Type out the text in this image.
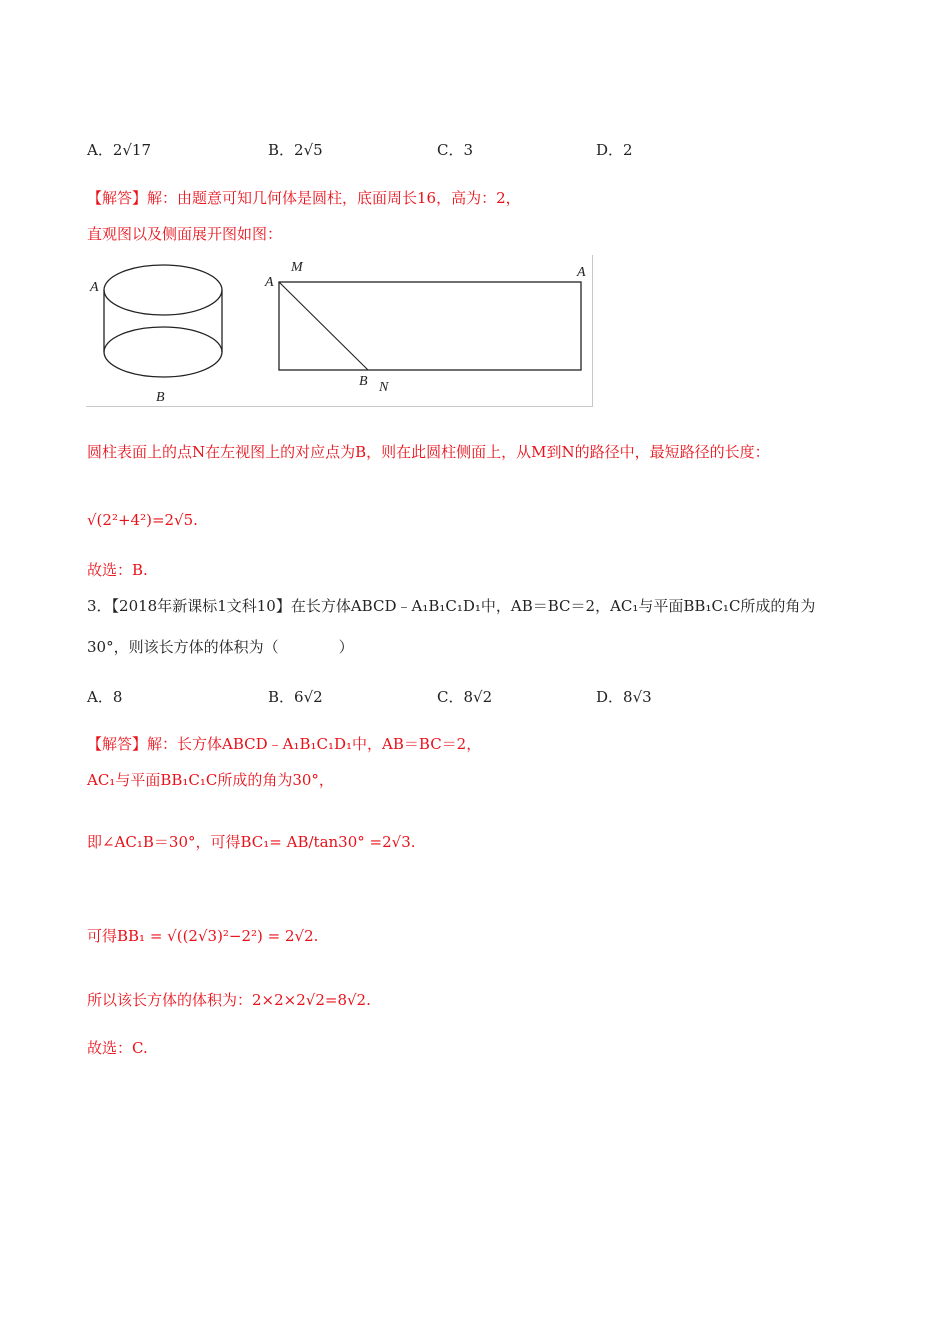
A．2√17	B．2√5	C．3	D．2
【解答】解：由题意可知几何体是圆柱，底面周长16，高为：2，
直观图以及侧面展开图如图：
A
B
A
M	A
B N
圆柱表面上的点N在左视图上的对应点为B，则在此圆柱侧面上，从M到N的路径中，最短路径的长度：
√(2²+4²)=2√5.
故选：B.
3．【2018年新课标1文科10】在长方体ABCD﹣A₁B₁C₁D₁中，AB＝BC＝2，AC₁与平面BB₁C₁C所成的角为
30°，则该长方体的体积为（　　　　）
A．8	B．6√2	C．8√2	D．8√3
【解答】解：长方体ABCD﹣A₁B₁C₁D₁中，AB＝BC＝2，
AC₁与平面BB₁C₁C所成的角为30°，
即∠AC₁B＝30°，可得BC₁= AB/tan30° =2√3.
可得BB₁ = √((2√3)²−2²) = 2√2.
所以该长方体的体积为：2×2×2√2=8√2.
故选：C.
